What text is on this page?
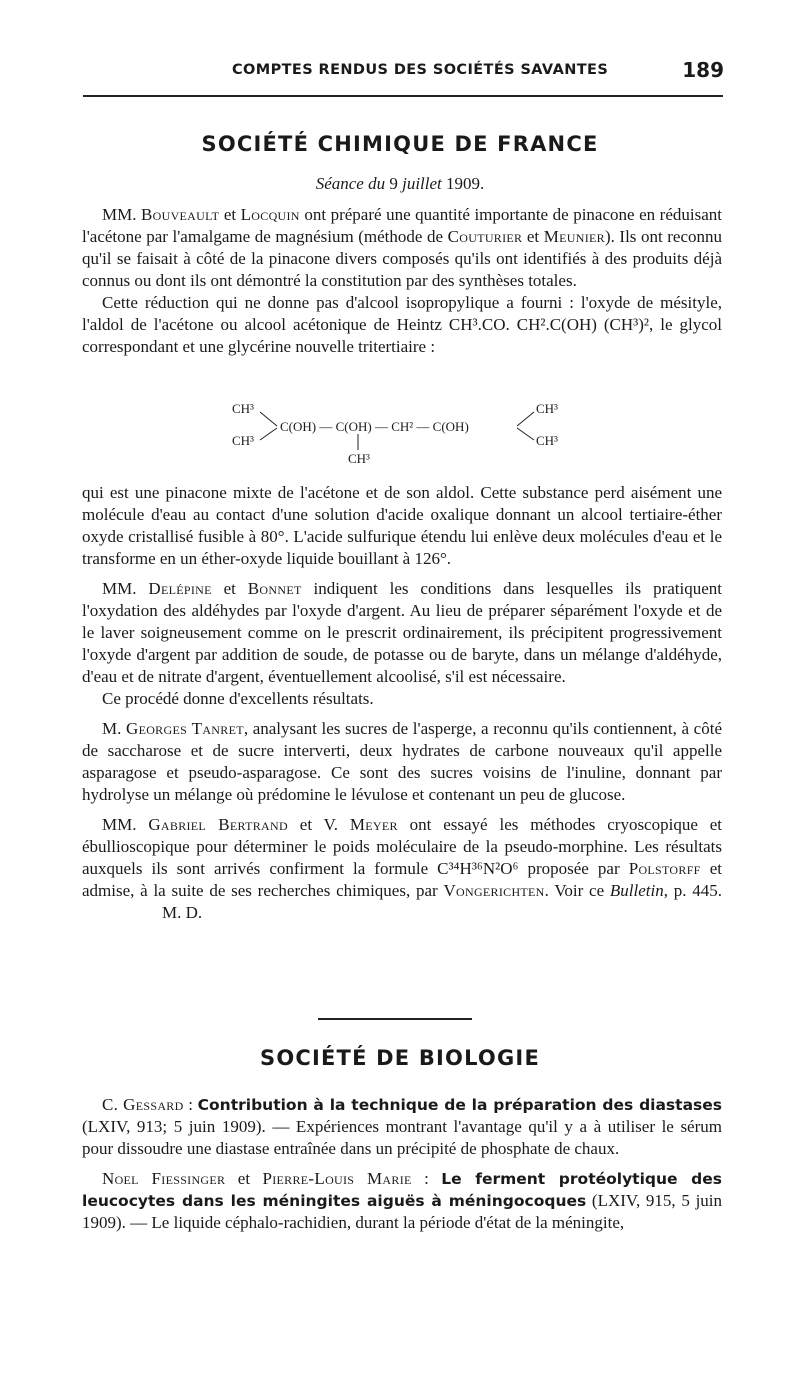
COMPTES RENDUS DES SOCIÉTÉS SAVANTES	189
SOCIÉTÉ CHIMIQUE DE FRANCE
Séance du 9 juillet 1909.

MM. Bouveault et Locquin ont préparé une quantité importante de pinacone en réduisant l'acétone par l'amalgame de magnésium (méthode de Couturier et Meunier). Ils ont reconnu qu'il se faisait à côté de la pinacone divers composés qu'ils ont identifiés à des produits déjà connus ou dont ils ont démontré la constitution par des synthèses totales.

Cette réduction qui ne donne pas d'alcool isopropylique a fourni : l'oxyde de mésityle, l'aldol de l'acétone ou alcool acétonique de Heintz CH³.CO. CH².C(OH) (CH³)², le glycol correspondant et une glycérine nouvelle tritertiaire :

CH³
CH³
C(OH) — C(OH) — CH² — C(OH)
CH³
CH³
CH³

qui est une pinacone mixte de l'acétone et de son aldol. Cette substance perd aisément une molécule d'eau au contact d'une solution d'acide oxalique donnant un alcool tertiaire-éther oxyde cristallisé fusible à 80°. L'acide sulfurique étendu lui enlève deux molécules d'eau et le transforme en un éther-oxyde liquide bouillant à 126°.

MM. Delépine et Bonnet indiquent les conditions dans lesquelles ils pratiquent l'oxydation des aldéhydes par l'oxyde d'argent. Au lieu de préparer séparément l'oxyde et de le laver soigneusement comme on le prescrit ordinairement, ils précipitent progressivement l'oxyde d'argent par addition de soude, de potasse ou de baryte, dans un mélange d'aldéhyde, d'eau et de nitrate d'argent, éventuellement alcoolisé, s'il est nécessaire.

Ce procédé donne d'excellents résultats.

M. Georges Tanret, analysant les sucres de l'asperge, a reconnu qu'ils contiennent, à côté de saccharose et de sucre interverti, deux hydrates de carbone nouveaux qu'il appelle asparagose et pseudo-asparagose. Ce sont des sucres voisins de l'inuline, donnant par hydrolyse un mélange où prédomine le lévulose et contenant un peu de glucose.

MM. Gabriel Bertrand et V. Meyer ont essayé les méthodes cryoscopique et ébullioscopique pour déterminer le poids moléculaire de la pseudo-morphine. Les résultats auxquels ils sont arrivés confirment la formule C³⁴H³⁶N²O⁶ proposée par Polstorff et admise, à la suite de ses recherches chimiques, par Vongerichten. Voir ce Bulletin, p. 445.M. D.

SOCIÉTÉ DE BIOLOGIE

C. Gessard : Contribution à la technique de la préparation des diastases (LXIV, 913; 5 juin 1909). — Expériences montrant l'avantage qu'il y a à utiliser le sérum pour dissoudre une diastase entraînée dans un précipité de phosphate de chaux.

Noel Fiessinger et Pierre-Louis Marie : Le ferment protéolytique des leucocytes dans les méningites aiguës à méningocoques (LXIV, 915, 5 juin 1909). — Le liquide céphalo-rachidien, durant la période d'état de la méningite,
